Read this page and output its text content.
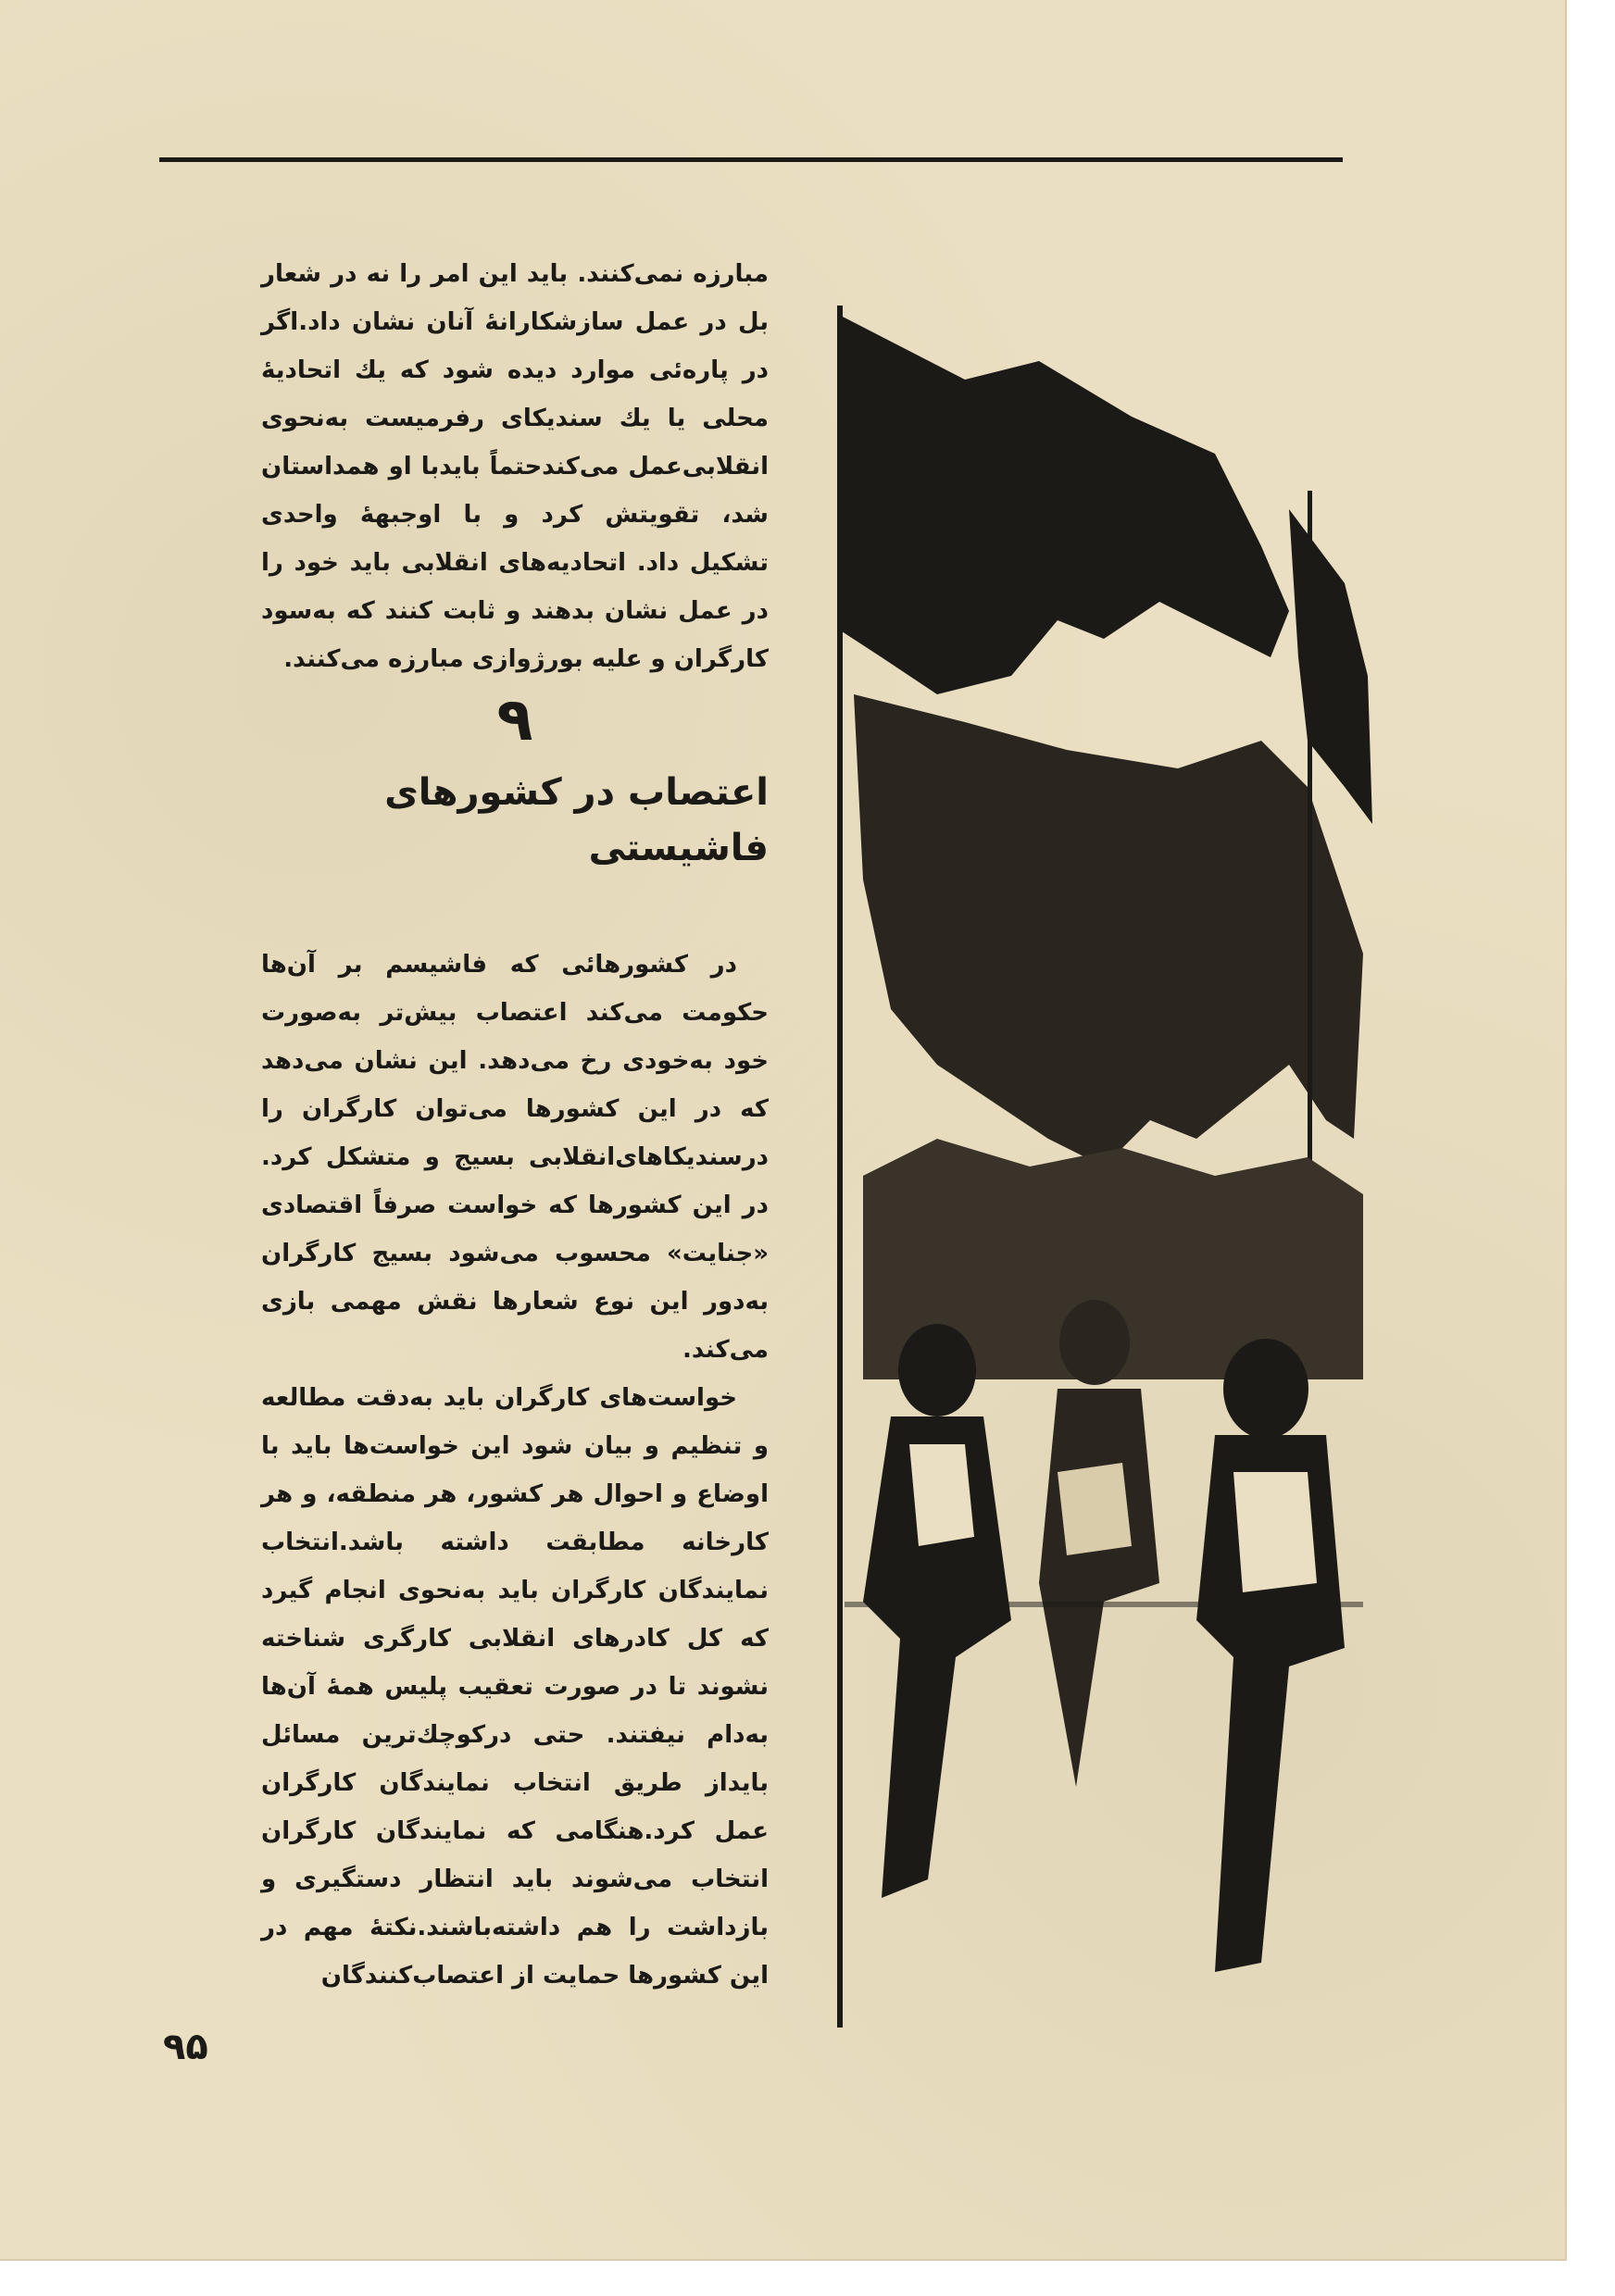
مبارزه نمی‌کنند. باید این امر را نه در شعار بل در عمل سازشکارانهٔ آنان نشان داد.اگر در پاره‌ئی موارد دیده شود که یك اتحادیهٔ محلی یا یك سندیکای رفرمیست به‌نحوی انقلابی‌عمل می‌کندحتماً بایدبا او همداستان شد، تقویتش کرد و با اوجبههٔ واحدی تشکیل داد. اتحادیه‌های انقلابی باید خود را در عمل نشان بدهند و ثابت کنند که به‌سود کارگران و علیه بورژوازی مبارزه می‌کنند.

۹

اعتصاب در کشورهای فاشیستی

در کشورهائی که فاشیسم بر آن‌ها حکومت می‌کند اعتصاب بیش‌تر به‌صورت خود به‌خودی رخ می‌دهد. این نشان می‌دهد که در این کشورها می‌توان کارگران را درسندیکاهای‌انقلابی بسیج و متشکل کرد. در این کشورها که خواست صرفاً اقتصادی «جنایت» محسوب می‌شود بسیج کارگران به‌دور این نوع شعارها نقش مهمی بازی می‌کند.

خواست‌های کارگران باید به‌دقت مطالعه و تنظیم و بیان شود این خواست‌ها باید با اوضاع و احوال هر کشور، هر منطقه، و هر کارخانه مطابقت داشته باشد.انتخاب نمایندگان کارگران باید به‌نحوی انجام گیرد که کل کادرهای انقلابی کارگری شناخته نشوند تا در صورت تعقیب پلیس همهٔ آن‌ها به‌دام نیفتند. حتی درکوچك‌ترین مسائل بایداز طریق انتخاب نمایندگان کارگران عمل کرد.هنگامی که نمایندگان کارگران انتخاب می‌شوند باید انتظار دستگیری و بازداشت را هم داشته‌باشند.نکتهٔ مهم در این کشورها حمایت از اعتصاب‌کنندگان

۹۵
